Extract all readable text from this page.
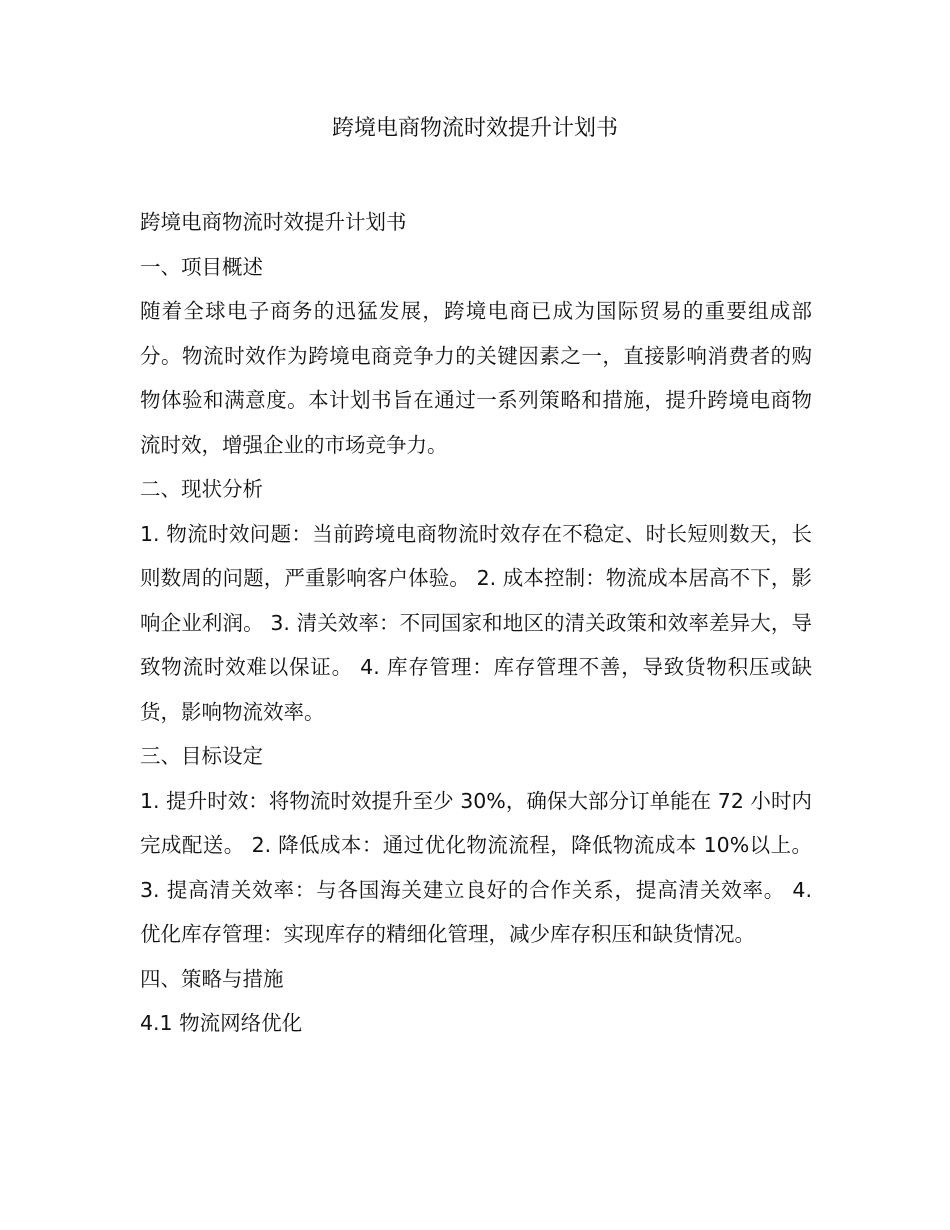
跨境电商物流时效提升计划书

跨境电商物流时效提升计划书

一、项目概述

随着全球电子商务的迅猛发展，跨境电商已成为国际贸易的重要组成部分。物流时效作为跨境电商竞争力的关键因素之一，直接影响消费者的购物体验和满意度。本计划书旨在通过一系列策略和措施，提升跨境电商物流时效，增强企业的市场竞争力。

二、现状分析

1. 物流时效问题：当前跨境电商物流时效存在不稳定、时长短则数天，长则数周的问题，严重影响客户体验。 2. 成本控制：物流成本居高不下，影响企业利润。 3. 清关效率：不同国家和地区的清关政策和效率差异大，导致物流时效难以保证。 4. 库存管理：库存管理不善，导致货物积压或缺货，影响物流效率。

三、目标设定

1. 提升时效：将物流时效提升至少 30%，确保大部分订单能在 72 小时内完成配送。 2. 降低成本：通过优化物流流程，降低物流成本 10%以上。 3. 提高清关效率：与各国海关建立良好的合作关系，提高清关效率。 4. 优化库存管理：实现库存的精细化管理，减少库存积压和缺货情况。

四、策略与措施

4.1 物流网络优化
